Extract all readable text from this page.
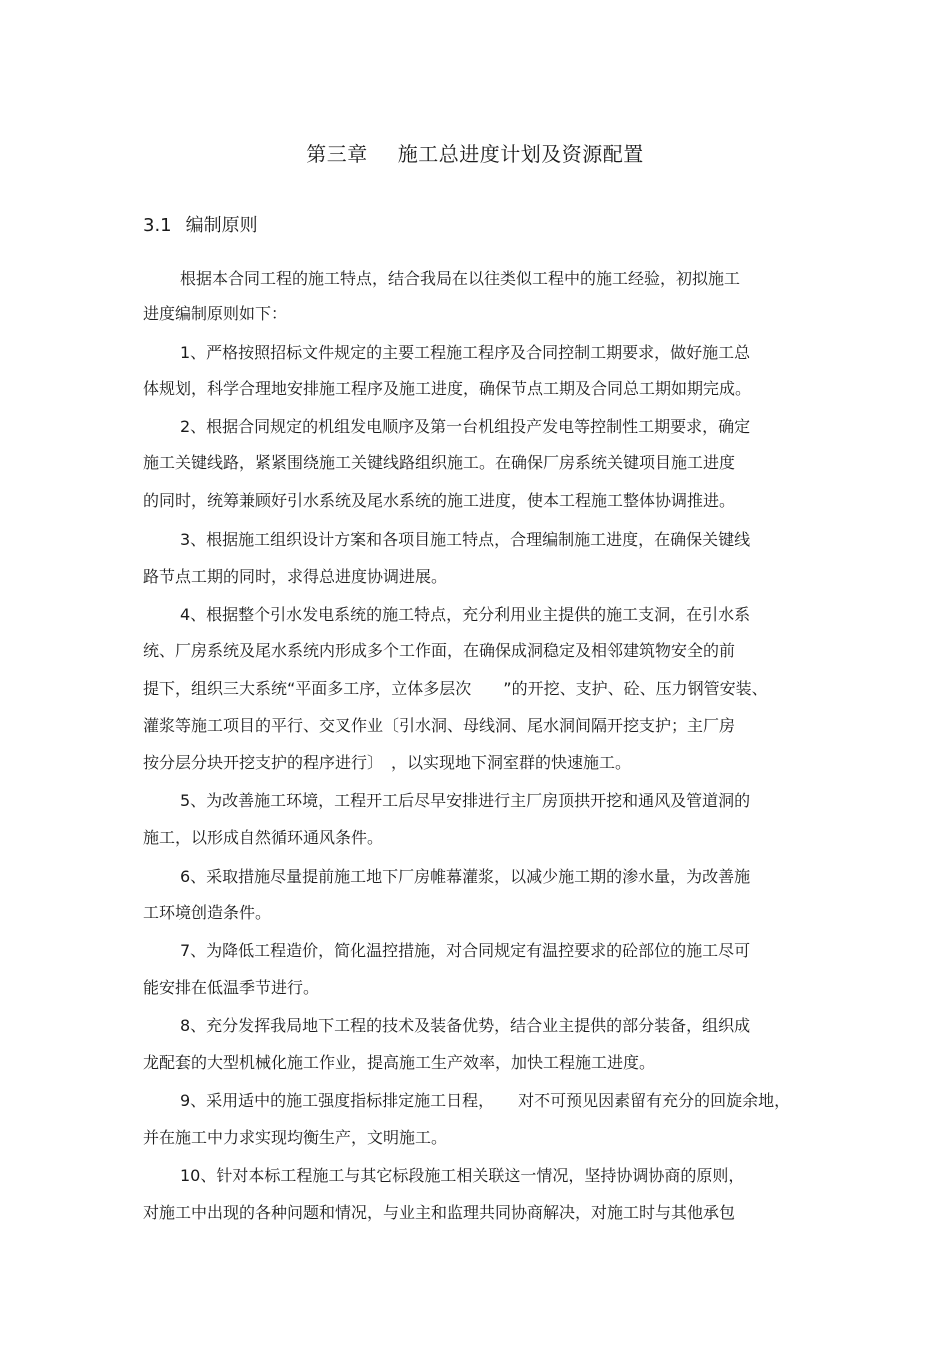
第三章 施工总进度计划及资源配置
3.1 编制原则
根据本合同工程的施工特点，结合我局在以往类似工程中的施工经验，初拟施工
进度编制原则如下：
1、严格按照招标文件规定的主要工程施工程序及合同控制工期要求，做好施工总
体规划，科学合理地安排施工程序及施工进度，确保节点工期及合同总工期如期完成。
2、根据合同规定的机组发电顺序及第一台机组投产发电等控制性工期要求，确定
施工关键线路，紧紧围绕施工关键线路组织施工。在确保厂房系统关键项目施工进度
的同时，统筹兼顾好引水系统及尾水系统的施工进度，使本工程施工整体协调推进。
3、根据施工组织设计方案和各项目施工特点，合理编制施工进度，在确保关键线
路节点工期的同时，求得总进度协调进展。
4、根据整个引水发电系统的施工特点，充分利用业主提供的施工支洞，在引水系
统、厂房系统及尾水系统内形成多个工作面，在确保成洞稳定及相邻建筑物安全的前
提下，组织三大系统“平面多工序，立体多层次　　”的开挖、支护、砼、压力钢管安装、
灌浆等施工项目的平行、交叉作业〔引水洞、母线洞、尾水洞间隔开挖支护；主厂房
按分层分块开挖支护的程序进行〕　，以实现地下洞室群的快速施工。
5、为改善施工环境，工程开工后尽早安排进行主厂房顶拱开挖和通风及管道洞的
施工，以形成自然循环通风条件。
6、采取措施尽量提前施工地下厂房帷幕灌浆，以减少施工期的渗水量，为改善施
工环境创造条件。
7、为降低工程造价，简化温控措施，对合同规定有温控要求的砼部位的施工尽可
能安排在低温季节进行。
8、充分发挥我局地下工程的技术及装备优势，结合业主提供的部分装备，组织成
龙配套的大型机械化施工作业，提高施工生产效率，加快工程施工进度。
9、采用适中的施工强度指标排定施工日程，　　对不可预见因素留有充分的回旋余地，
并在施工中力求实现均衡生产，文明施工。
10、针对本标工程施工与其它标段施工相关联这一情况，坚持协调协商的原则，
对施工中出现的各种问题和情况，与业主和监理共同协商解决，对施工时与其他承包
